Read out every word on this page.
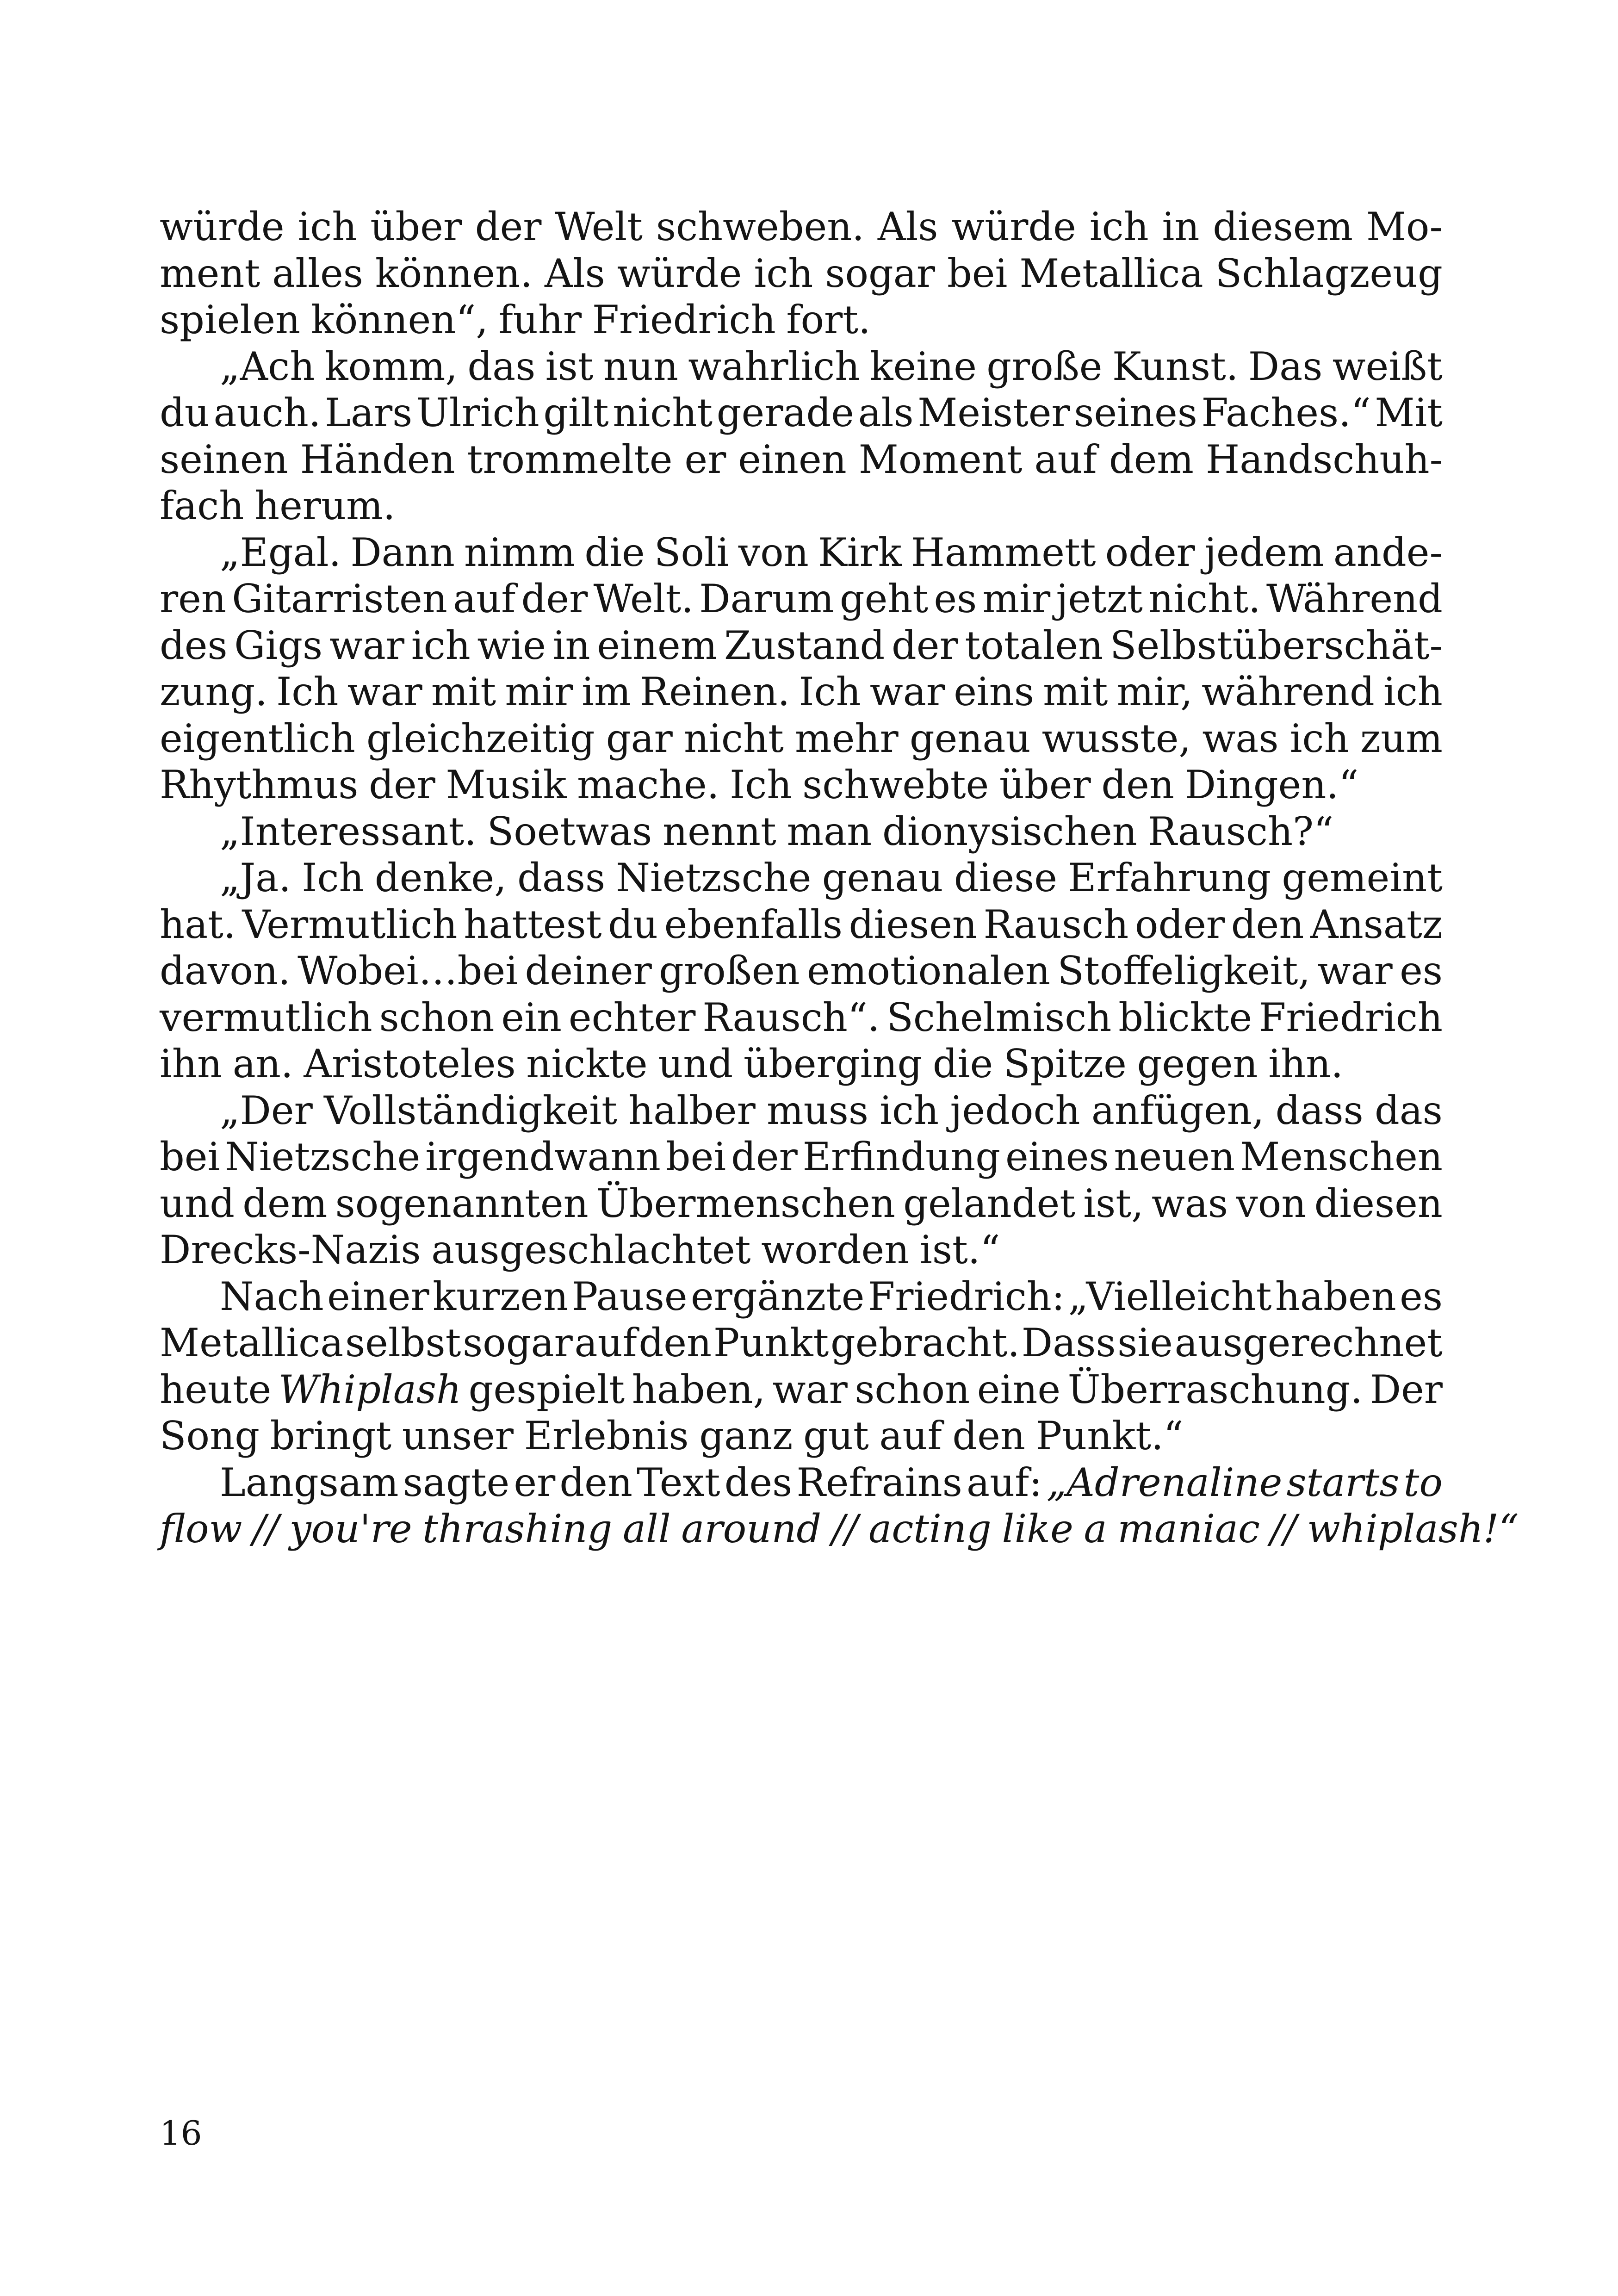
würde ich über der Welt schweben. Als würde ich in diesem Mo-
ment alles können. Als würde ich sogar bei Metallica Schlagzeug
spielen können“, fuhr Friedrich fort.
„Ach komm, das ist nun wahrlich keine große Kunst. Das weißt
du auch. Lars Ulrich gilt nicht gerade als Meister seines Faches.“ Mit
seinen Händen trommelte er einen Moment auf dem Handschuh-
fach herum.
„Egal. Dann nimm die Soli von Kirk Hammett oder jedem ande-
ren Gitarristen auf der Welt. Darum geht es mir jetzt nicht. Während
des Gigs war ich wie in einem Zustand der totalen Selbstüberschät-
zung. Ich war mit mir im Reinen. Ich war eins mit mir, während ich
eigentlich gleichzeitig gar nicht mehr genau wusste, was ich zum
Rhythmus der Musik mache. Ich schwebte über den Dingen.“
„Interessant. Soetwas nennt man dionysischen Rausch?“
„Ja. Ich denke, dass Nietzsche genau diese Erfahrung gemeint
hat. Vermutlich hattest du ebenfalls diesen Rausch oder den Ansatz
davon. Wobei…bei deiner großen emotionalen Stoffeligkeit, war es
vermutlich schon ein echter Rausch“. Schelmisch blickte Friedrich
ihn an. Aristoteles nickte und überging die Spitze gegen ihn.
„Der Vollständigkeit halber muss ich jedoch anfügen, dass das
bei Nietzsche irgendwann bei der Erfindung eines neuen Menschen
und dem sogenannten Übermenschen gelandet ist, was von diesen
Drecks-Nazis ausgeschlachtet worden ist.“
Nach einer kurzen Pause ergänzte Friedrich: „Vielleicht haben es
Metallica selbst sogar auf den Punkt gebracht. Dass sie ausgerechnet
heute Whiplash gespielt haben, war schon eine Überraschung. Der
Song bringt unser Erlebnis ganz gut auf den Punkt.“
Langsam sagte er den Text des Refrains auf: „Adrenaline starts to
flow // you're thrashing all around // acting like a maniac // whiplash!“
16
